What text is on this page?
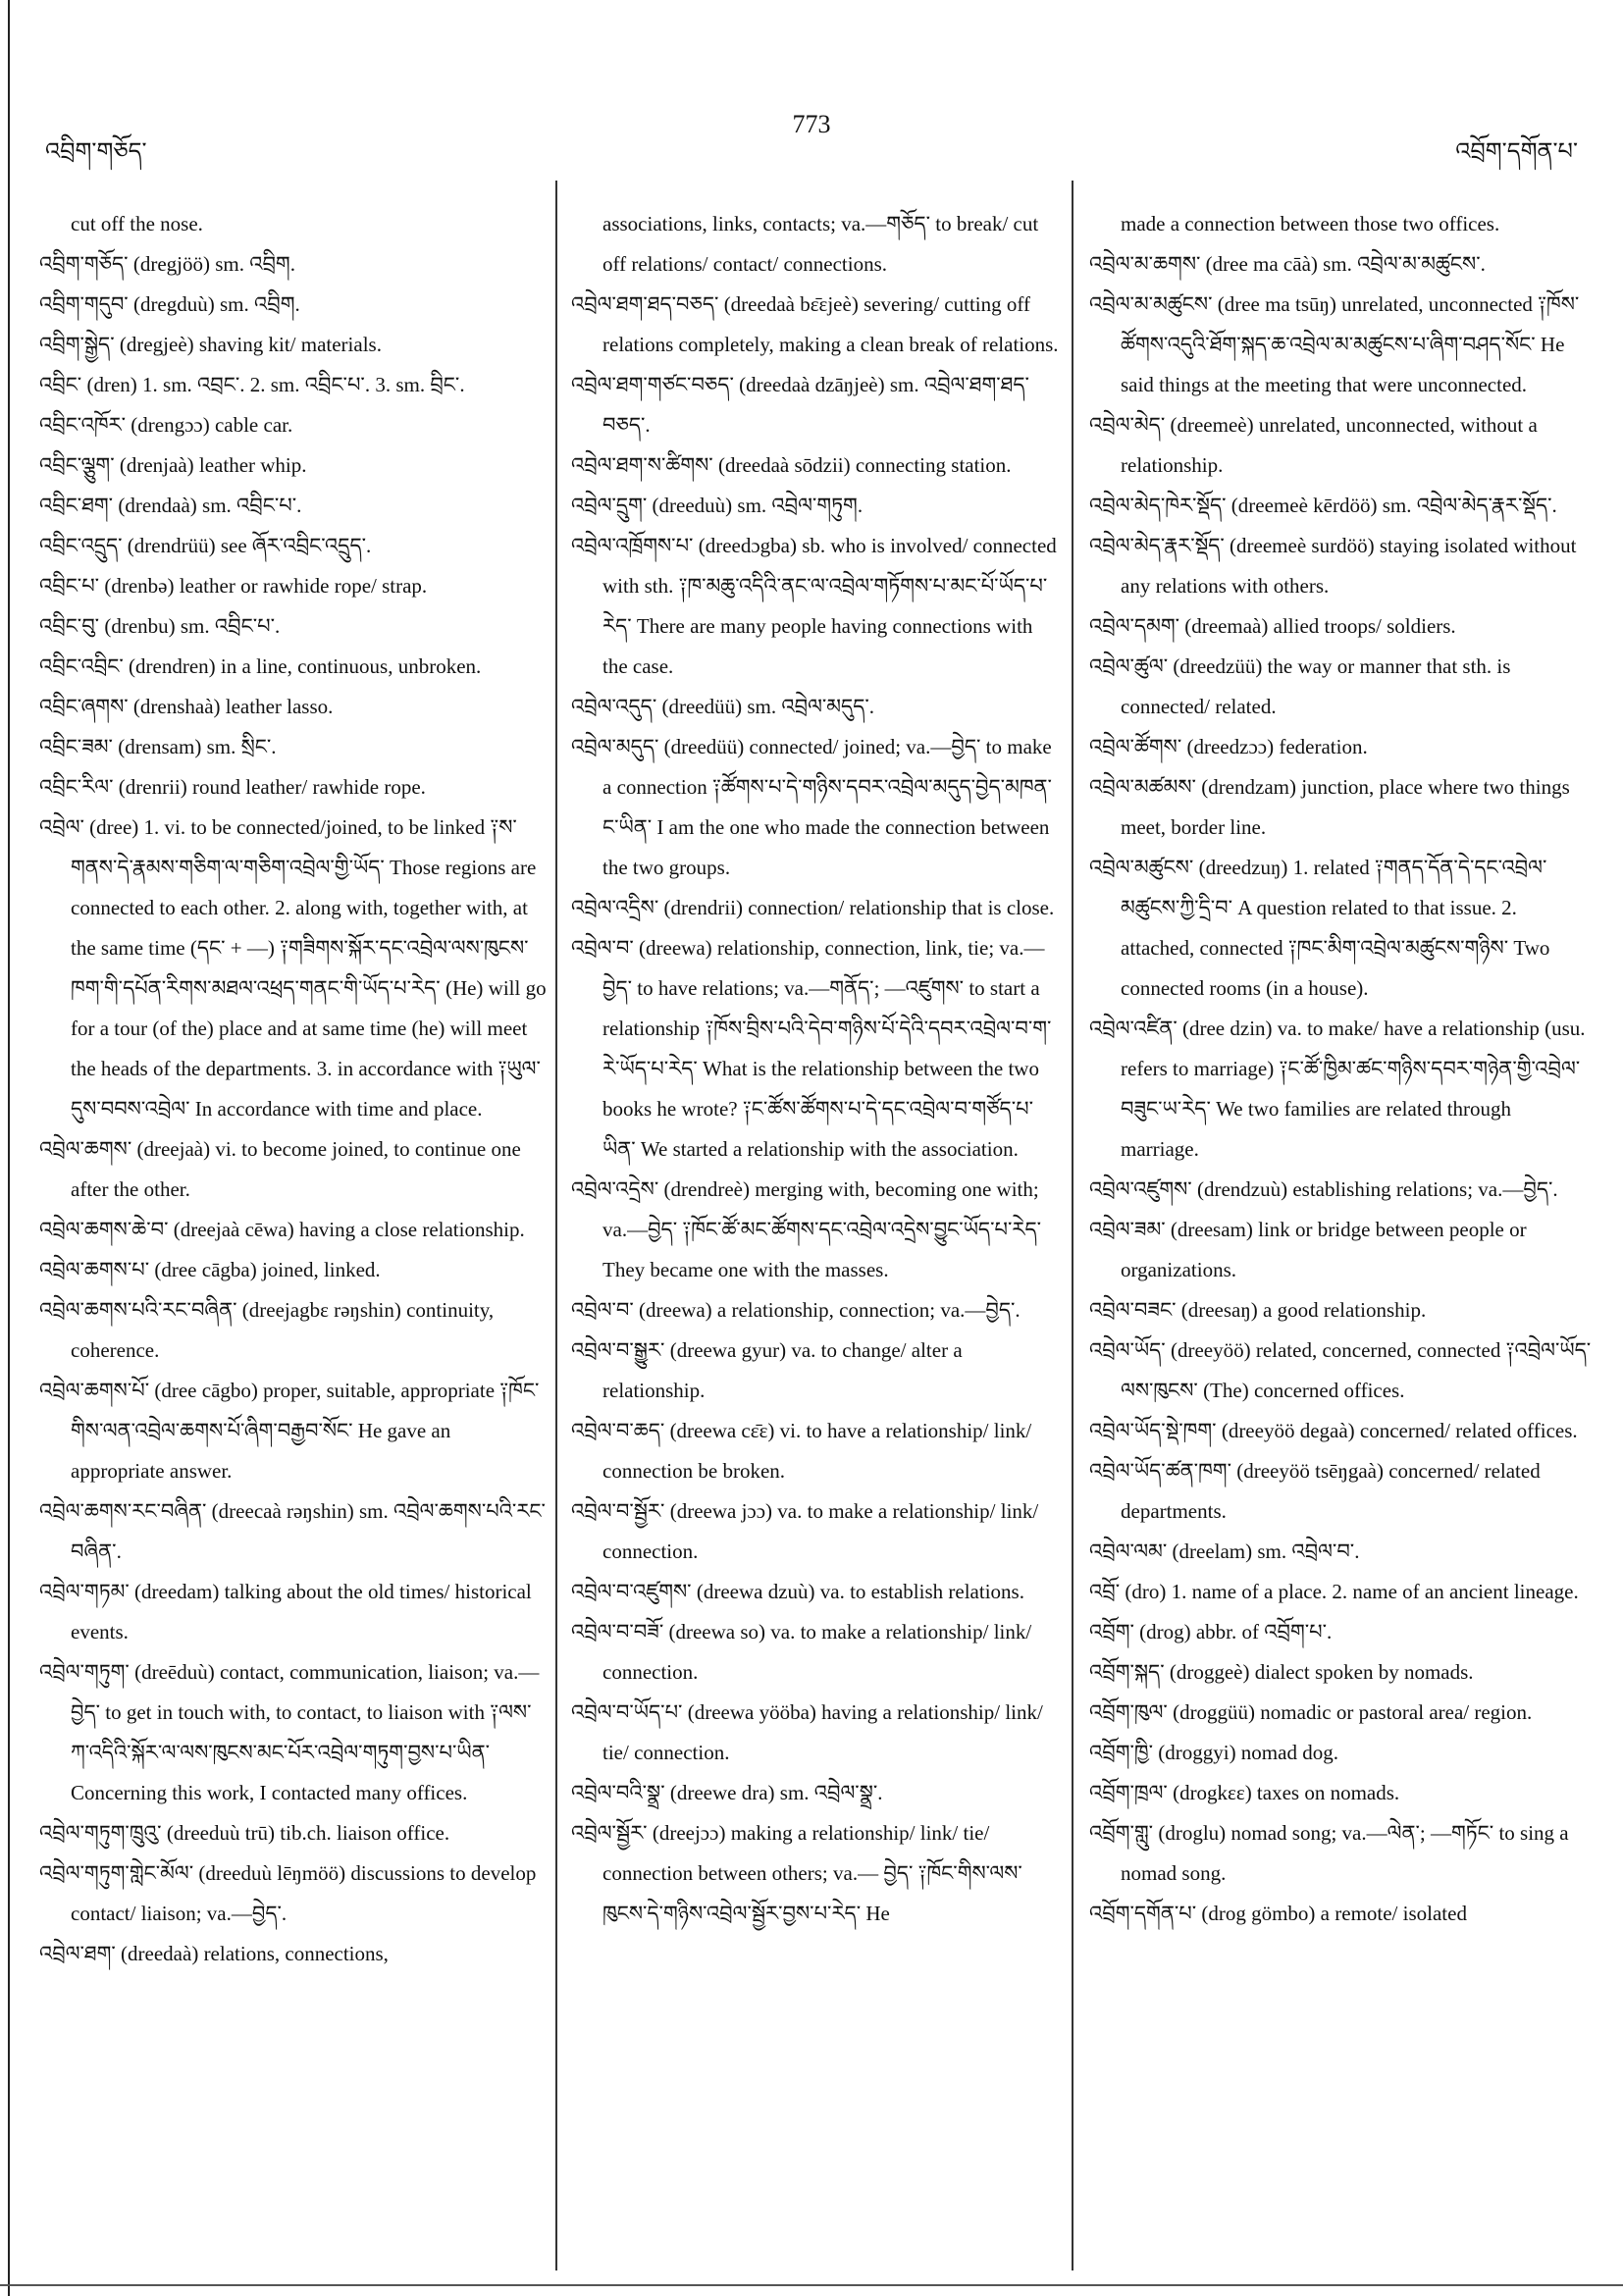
འབྲིག་གཅོད་
773
འབྲོག་དགོན་པ་

cut off the nose.

འབྲིག་གཅོད་ (dregjöö) sm. འབྲིག.

འབྲིག་གདུབ་ (dregduù) sm. འབྲིག.

འབྲིག་སྒྱེད་ (dregjeè) shaving kit/ materials.

འབྲིང་ (dren) 1. sm. འབྲང་. 2. sm. འབྲིང་པ་. 3. sm. བྲིང་.

འབྲིང་འཁོར་ (drengɔɔ) cable car.

འབྲིང་ལྕུག་ (drenjaà) leather whip.

འབྲིང་ཐག་ (drendaà) sm. འབྲིང་པ་.

འབྲིང་འདྲུད་ (drendrüü) see ཞོར་འབྲིང་འདྲུད་.

འབྲིང་པ་ (drenbə) leather or rawhide rope/ strap.

འབྲིང་བུ་ (drenbu) sm. འབྲིང་པ་.

འབྲིང་འབྲིང་ (drendren) in a line, continuous, unbroken.

འབྲིང་ཞགས་ (drenshaà) leather lasso.

འབྲིང་ཟམ་ (drensam) sm. སྲིང་.

འབྲིང་རིལ་ (drenrii) round leather/ rawhide rope.

འབྲེལ་ (dree) 1. vi. to be connected/joined, to be linked ༑ས་གནས་དེ་རྣམས་གཅིག་ལ་གཅིག་འབྲེལ་གྱི་ཡོད་ Those regions are connected to each other. 2. along with, together with, at the same time (དང་ + —) ༑གཟིགས་སྐོར་དང་འབྲེལ་ལས་ཁུངས་ཁག་གི་དཔོན་རིགས་མཐལ་འཕྲད་གནང་གི་ཡོད་པ་རེད་ (He) will go for a tour (of the) place and at same time (he) will meet the heads of the departments. 3. in accordance with ༑ཡུལ་དུས་བབས་འབྲེལ་ In accordance with time and place.

འབྲེལ་ཆགས་ (dreejaà) vi. to become joined, to continue one after the other.

འབྲེལ་ཆགས་ཆེ་བ་ (dreejaà cēwa) having a close relationship.

འབྲེལ་ཆགས་པ་ (dree cāgba) joined, linked.

འབྲེལ་ཆགས་པའི་རང་བཞིན་ (dreejagbɛ rəŋshin) continuity, coherence.

འབྲེལ་ཆགས་པོ་ (dree cāgbo) proper, suitable, appropriate ༑ཁོང་གིས་ལན་འབྲེལ་ཆགས་པོ་ཞིག་བརྒྱབ་སོང་ He gave an appropriate answer.

འབྲེལ་ཆགས་རང་བཞིན་ (dreecaà rəŋshin) sm. འབྲེལ་ཆགས་པའི་རང་བཞིན་.

འབྲེལ་གཏམ་ (dreedam) talking about the old times/ historical events.

འབྲེལ་གཏུག་ (dreēduù) contact, communication, liaison; va.—བྱེད་ to get in touch with, to contact, to liaison with ༑ལས་ཀ་འདིའི་སྐོར་ལ་ལས་ཁུངས་མང་པོར་འབྲེལ་གཏུག་བྱས་པ་ཡིན་ Concerning this work, I contacted many offices.

འབྲེལ་གཏུག་ཁྲུའུ་ (dreeduù trū) tib.ch. liaison office.

འབྲེལ་གཏུག་གླེང་མོལ་ (dreeduù lēŋmöö) discussions to develop contact/ liaison; va.—བྱེད་.

འབྲེལ་ཐག་ (dreedaà) relations, connections,

associations, links, contacts; va.—གཅོད་ to break/ cut off relations/ contact/ connections.

འབྲེལ་ཐག་ཐད་བཅད་ (dreedaà bɛ̄ɛjeè) severing/ cutting off relations completely, making a clean break of relations.

འབྲེལ་ཐག་གཙང་བཅད་ (dreedaà dzāŋjeè) sm. འབྲེལ་ཐག་ཐད་བཅད་.

འབྲེལ་ཐག་ས་ཚིགས་ (dreedaà sōdzii) connecting station.

འབྲེལ་དྲུག་ (dreeduù) sm. འབྲེལ་གཏུག.

འབྲེལ་འཁྲོགས་པ་ (dreedɔgba) sb. who is involved/ connected with sth. ༑ཁ་མཆུ་འདིའི་ནང་ལ་འབྲེལ་གཏོགས་པ་མང་པོ་ཡོད་པ་རེད་ There are many people having connections with the case.

འབྲེལ་འདུད་ (dreedüü) sm. འབྲེལ་མདུད་.

འབྲེལ་མདུད་ (dreedüü) connected/ joined; va.—བྱེད་ to make a connection ༑ཚོགས་པ་དེ་གཉིས་དབར་འབྲེལ་མདུད་བྱེད་མཁན་ང་ཡིན་ I am the one who made the connection between the two groups.

འབྲེལ་འདྲིས་ (drendrii) connection/ relationship that is close.

འབྲེལ་བ་ (dreewa) relationship, connection, link, tie; va.—བྱེད་ to have relations; va.—གནོད་; —འཛུགས་ to start a relationship ༑ཁོས་བྲིས་པའི་དེབ་གཉིས་པོ་དེའི་དབར་འབྲེལ་བ་ག་རེ་ཡོད་པ་རེད་ What is the relationship between the two books he wrote? ༑ང་ཚོས་ཚོགས་པ་དེ་དང་འབྲེལ་བ་གཙོད་པ་ཡིན་ We started a relationship with the association.

འབྲེལ་འདྲེས་ (drendreè) merging with, becoming one with; va.—བྱེད་ ༑ཁོང་ཚོ་མང་ཚོགས་དང་འབྲེལ་འདྲེས་བྱུང་ཡོད་པ་རེད་ They became one with the masses.

འབྲེལ་བ་ (dreewa) a relationship, connection; va.—བྱེད་.

འབྲེལ་བ་སྒྱུར་ (dreewa gyur) va. to change/ alter a relationship.

འབྲེལ་བ་ཆད་ (dreewa cɛ̄ɛ) vi. to have a relationship/ link/ connection be broken.

འབྲེལ་བ་སྦྱོར་ (dreewa jɔɔ) va. to make a relationship/ link/ connection.

འབྲེལ་བ་འཛུགས་ (dreewa dzuù) va. to establish relations.

འབྲེལ་བ་བཟོ་ (dreewa so) va. to make a relationship/ link/ connection.

འབྲེལ་བ་ཡོད་པ་ (dreewa yööba) having a relationship/ link/ tie/ connection.

འབྲེལ་བའི་སྣྲ་ (dreewe dra) sm. འབྲེལ་སྣྲ་.

འབྲེལ་སྦྱོར་ (dreejɔɔ) making a relationship/ link/ tie/ connection between others; va.— བྱེད་ ༑ཁོང་གིས་ལས་ཁུངས་དེ་གཉིས་འབྲེལ་སྦྱོར་བྱས་པ་རེད་ He

made a connection between those two offices.

འབྲེལ་མ་ཆགས་ (dree ma cāà) sm. འབྲེལ་མ་མཚུངས་.

འབྲེལ་མ་མཚུངས་ (dree ma tsūŋ) unrelated, unconnected ༑ཁོས་ཚོགས་འདུའི་ཐོག་སྐད་ཆ་འབྲེལ་མ་མཚུངས་པ་ཞིག་བཤད་སོང་ He said things at the meeting that were unconnected.

འབྲེལ་མེད་ (dreemeè) unrelated, unconnected, without a relationship.

འབྲེལ་མེད་ཁེར་སྡོད་ (dreemeè kērdöö) sm. འབྲེལ་མེད་རྣར་སྡོད་.

འབྲེལ་མེད་རྣར་སྡོད་ (dreemeè surdöö) staying isolated without any relations with others.

འབྲེལ་དམག་ (dreemaà) allied troops/ soldiers.

འབྲེལ་ཚུལ་ (dreedzüü) the way or manner that sth. is connected/ related.

འབྲེལ་ཚོགས་ (dreedzɔɔ) federation.

འབྲེལ་མཚམས་ (drendzam) junction, place where two things meet, border line.

འབྲེལ་མཚུངས་ (dreedzuŋ) 1. related ༑གནད་དོན་དེ་དང་འབྲེལ་མཚུངས་ཀྱི་དྲི་བ་ A question related to that issue. 2. attached, connected ༑ཁང་མིག་འབྲེལ་མཚུངས་གཉིས་ Two connected rooms (in a house).

འབྲེལ་འཛིན་ (dree dzin) va. to make/ have a relationship (usu. refers to marriage) ༑ང་ཚོ་ཁྱིམ་ཚང་གཉིས་དབར་གཉེན་གྱི་འབྲེལ་བཟུང་ཡ་རེད་ We two families are related through marriage.

འབྲེལ་འཛུགས་ (drendzuù) establishing relations; va.—བྱེད་.

འབྲེལ་ཟམ་ (dreesam) link or bridge between people or organizations.

འབྲེལ་བཟང་ (dreesaŋ) a good relationship.

འབྲེལ་ཡོད་ (dreeyöö) related, concerned, connected ༑འབྲེལ་ཡོད་ལས་ཁུངས་ (The) concerned offices.

འབྲེལ་ཡོད་སྡེ་ཁག་ (dreeyöö degaà) concerned/ related offices.

འབྲེལ་ཡོད་ཚན་ཁག་ (dreeyöö tsēŋgaà) concerned/ related departments.

འབྲེལ་ལམ་ (dreelam) sm. འབྲེལ་བ་.

འབྲོ་ (dro) 1. name of a place. 2. name of an ancient lineage.

འབྲོག་ (drog) abbr. of འབྲོག་པ་.

འབྲོག་སྐད་ (droggeè) dialect spoken by nomads.

འབྲོག་ཁུལ་ (droggüü) nomadic or pastoral area/ region.

འབྲོག་ཁྱི་ (droggyi) nomad dog.

འབྲོག་ཁྲལ་ (drogkɛɛ) taxes on nomads.

འབྲོག་གླུ་ (droglu) nomad song; va.—ལེན་; —གཏོང་ to sing a nomad song.

འབྲོག་དགོན་པ་ (drog gömbo) a remote/ isolated
